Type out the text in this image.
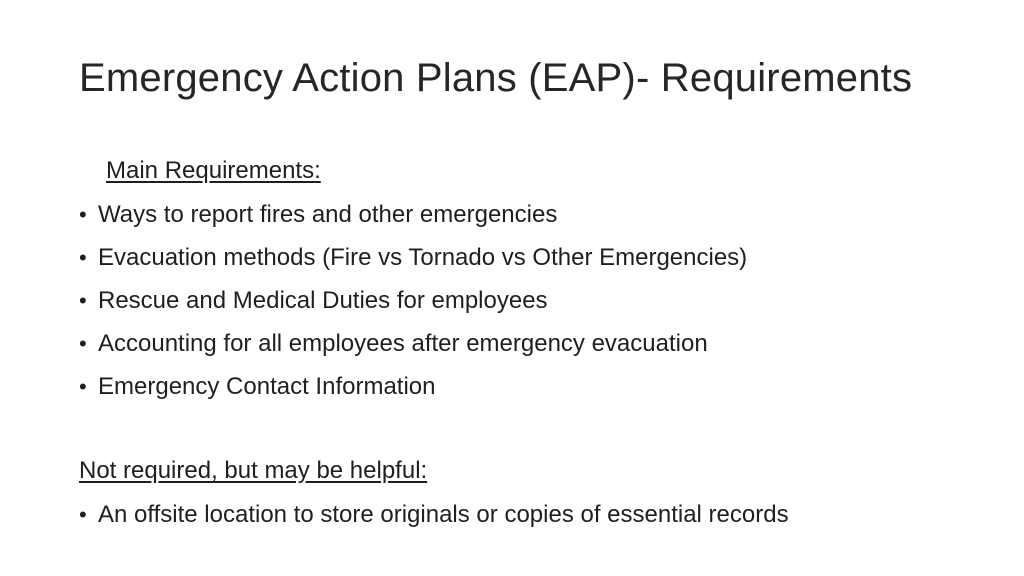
Emergency Action Plans (EAP)- Requirements
Main Requirements:
• Ways to report fires and other emergencies
• Evacuation methods (Fire vs Tornado vs Other Emergencies)
• Rescue and Medical Duties for employees
• Accounting for all employees after emergency evacuation
• Emergency Contact Information
Not required, but may be helpful:
• An offsite location to store originals or copies of essential records
